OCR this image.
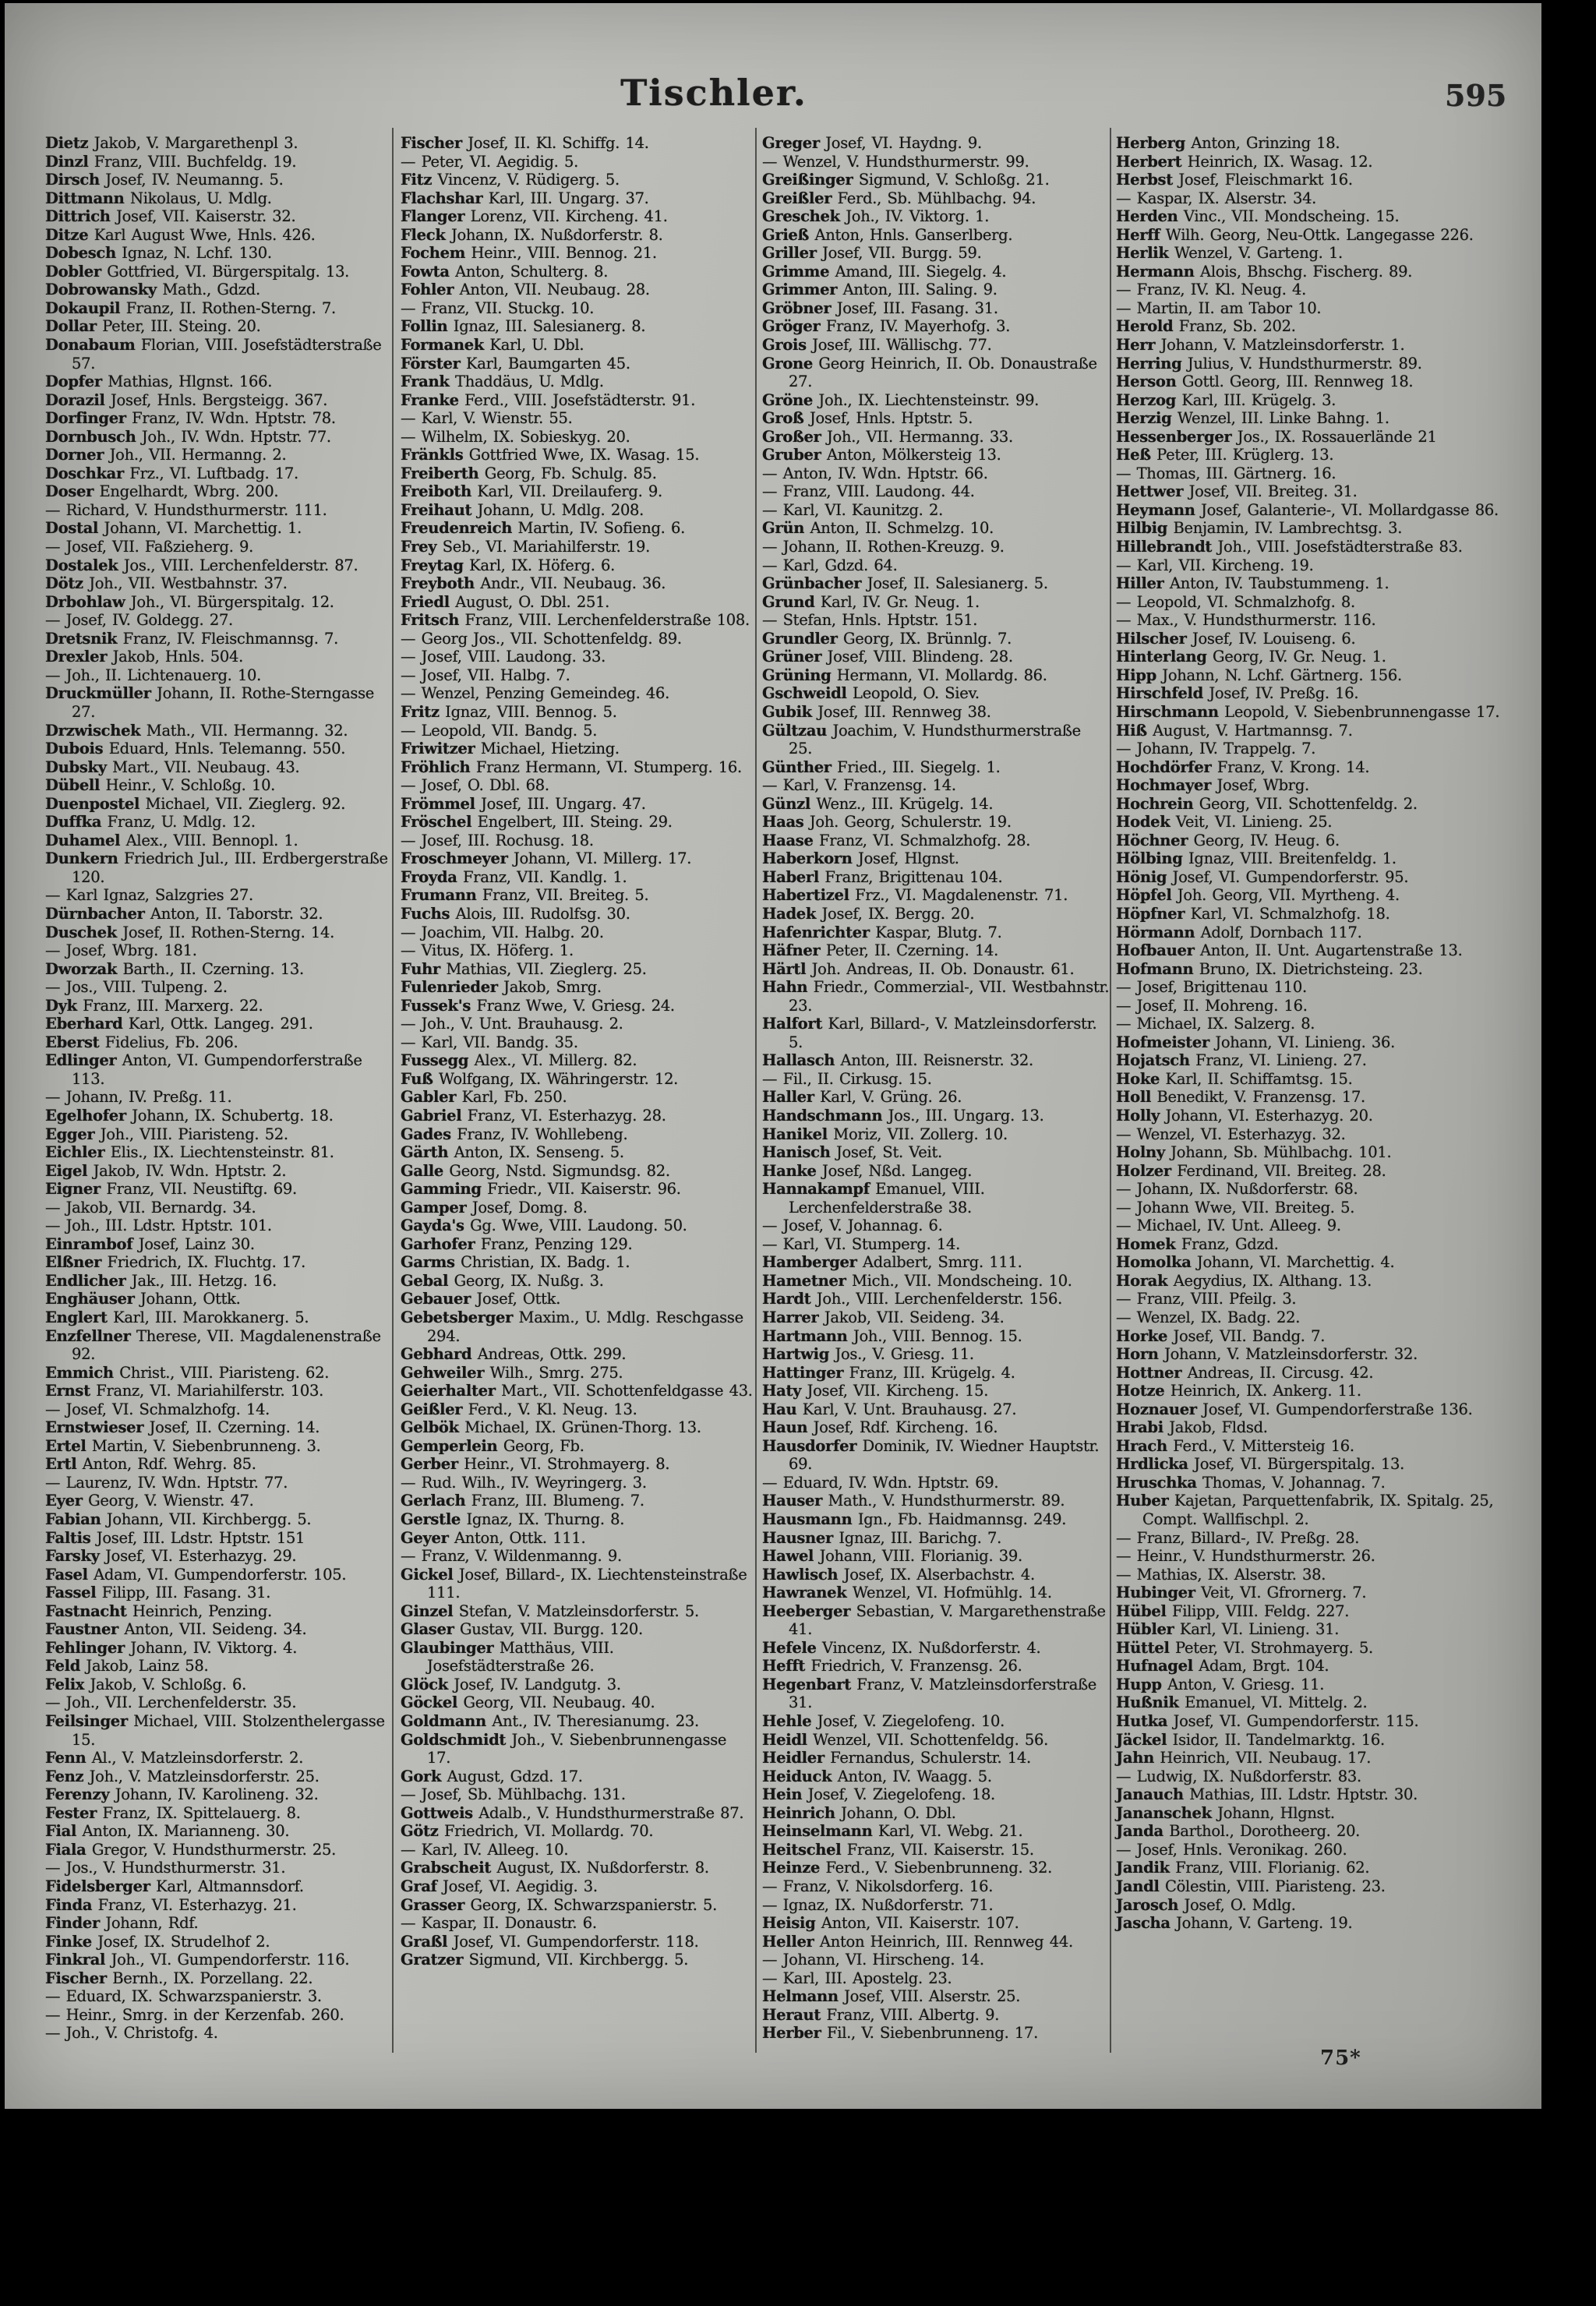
Tischler.	595
Dietz Jakob, V. Margarethenpl 3.
Dinzl Franz, VIII. Buchfeldg. 19.
Dirsch Josef, IV. Neumanng. 5.
Dittmann Nikolaus, U. Mdlg.
Dittrich Josef, VII. Kaiserstr. 32.
Ditze Karl August Wwe, Hnls. 426.
Dobesch Ignaz, N. Lchf. 130.
Dobler Gottfried, VI. Bürgerspitalg. 13.
Dobrowansky Math., Gdzd.
Dokaupil Franz, II. Rothen-Sterng. 7.
Dollar Peter, III. Steing. 20.
Donabaum Florian, VIII. Josefstädterstraße 57.
Dopfer Mathias, Hlgnst. 166.
Dorazil Josef, Hnls. Bergsteigg. 367.
Dorfinger Franz, IV. Wdn. Hptstr. 78.
Dornbusch Joh., IV. Wdn. Hptstr. 77.
Dorner Joh., VII. Hermanng. 2.
Doschkar Frz., VI. Luftbadg. 17.
Doser Engelhardt, Wbrg. 200.
— Richard, V. Hundsthurmerstr. 111.
Dostal Johann, VI. Marchettig. 1.
— Josef, VII. Faßzieherg. 9.
Dostalek Jos., VIII. Lerchenfelderstr. 87.
Dötz Joh., VII. Westbahnstr. 37.
Drbohlaw Joh., VI. Bürgerspitalg. 12.
— Josef, IV. Goldegg. 27.
Dretsnik Franz, IV. Fleischmannsg. 7.
Drexler Jakob, Hnls. 504.
— Joh., II. Lichtenauerg. 10.
Druckmüller Johann, II. Rothe-Sterngasse 27.
Drzwischek Math., VII. Hermanng. 32.
Dubois Eduard, Hnls. Telemanng. 550.
Dubsky Mart., VII. Neubaug. 43.
Dübell Heinr., V. Schloßg. 10.
Duenpostel Michael, VII. Zieglerg. 92.
Duffka Franz, U. Mdlg. 12.
Duhamel Alex., VIII. Bennopl. 1.
Dunkern Friedrich Jul., III. Erdbergerstraße 120.
— Karl Ignaz, Salzgries 27.
Dürnbacher Anton, II. Taborstr. 32.
Duschek Josef, II. Rothen-Sterng. 14.
— Josef, Wbrg. 181.
Dworzak Barth., II. Czerning. 13.
— Jos., VIII. Tulpeng. 2.
Dyk Franz, III. Marxerg. 22.
Eberhard Karl, Ottk. Langeg. 291.
Eberst Fidelius, Fb. 206.
Edlinger Anton, VI. Gumpendorferstraße 113.
— Johann, IV. Preßg. 11.
Egelhofer Johann, IX. Schubertg. 18.
Egger Joh., VIII. Piaristeng. 52.
Eichler Elis., IX. Liechtensteinstr. 81.
Eigel Jakob, IV. Wdn. Hptstr. 2.
Eigner Franz, VII. Neustiftg. 69.
— Jakob, VII. Bernardg. 34.
— Joh., III. Ldstr. Hptstr. 101.
Einrambof Josef, Lainz 30.
Elßner Friedrich, IX. Fluchtg. 17.
Endlicher Jak., III. Hetzg. 16.
Enghäuser Johann, Ottk.
Englert Karl, III. Marokkanerg. 5.
Enzfellner Therese, VII. Magdalenenstraße 92.
Emmich Christ., VIII. Piaristeng. 62.
Ernst Franz, VI. Mariahilferstr. 103.
— Josef, VI. Schmalzhofg. 14.
Ernstwieser Josef, II. Czerning. 14.
Ertel Martin, V. Siebenbrunneng. 3.
Ertl Anton, Rdf. Wehrg. 85.
— Laurenz, IV. Wdn. Hptstr. 77.
Eyer Georg, V. Wienstr. 47.
Fabian Johann, VII. Kirchbergg. 5.
Faltis Josef, III. Ldstr. Hptstr. 151
Farsky Josef, VI. Esterhazyg. 29.
Fasel Adam, VI. Gumpendorferstr. 105.
Fassel Filipp, III. Fasang. 31.
Fastnacht Heinrich, Penzing.
Faustner Anton, VII. Seideng. 34.
Fehlinger Johann, IV. Viktorg. 4.
Feld Jakob, Lainz 58.
Felix Jakob, V. Schloßg. 6.
— Joh., VII. Lerchenfelderstr. 35.
Feilsinger Michael, VIII. Stolzenthelergasse 15.
Fenn Al., V. Matzleinsdorferstr. 2.
Fenz Joh., V. Matzleinsdorferstr. 25.
Ferenzy Johann, IV. Karolineng. 32.
Fester Franz, IX. Spittelauerg. 8.
Fial Anton, IX. Marianneng. 30.
Fiala Gregor, V. Hundsthurmerstr. 25.
— Jos., V. Hundsthurmerstr. 31.
Fidelsberger Karl, Altmannsdorf.
Finda Franz, VI. Esterhazyg. 21.
Finder Johann, Rdf.
Finke Josef, IX. Strudelhof 2.
Finkral Joh., VI. Gumpendorferstr. 116.
Fischer Bernh., IX. Porzellang. 22.
— Eduard, IX. Schwarzspanierstr. 3.
— Heinr., Smrg. in der Kerzenfab. 260.
— Joh., V. Christofg. 4.
Fischer Josef, II. Kl. Schiffg. 14.
— Peter, VI. Aegidig. 5.
Fitz Vincenz, V. Rüdigerg. 5.
Flachshar Karl, III. Ungarg. 37.
Flanger Lorenz, VII. Kircheng. 41.
Fleck Johann, IX. Nußdorferstr. 8.
Fochem Heinr., VIII. Bennog. 21.
Fowta Anton, Schulterg. 8.
Fohler Anton, VII. Neubaug. 28.
— Franz, VII. Stuckg. 10.
Follin Ignaz, III. Salesianerg. 8.
Formanek Karl, U. Dbl.
Förster Karl, Baumgarten 45.
Frank Thaddäus, U. Mdlg.
Franke Ferd., VIII. Josefstädterstr. 91.
— Karl, V. Wienstr. 55.
— Wilhelm, IX. Sobieskyg. 20.
Fränkls Gottfried Wwe, IX. Wasag. 15.
Freiberth Georg, Fb. Schulg. 85.
Freiboth Karl, VII. Dreilauferg. 9.
Freihaut Johann, U. Mdlg. 208.
Freudenreich Martin, IV. Sofieng. 6.
Frey Seb., VI. Mariahilferstr. 19.
Freytag Karl, IX. Höferg. 6.
Freyboth Andr., VII. Neubaug. 36.
Friedl August, O. Dbl. 251.
Fritsch Franz, VIII. Lerchenfelderstraße 108.
— Georg Jos., VII. Schottenfeldg. 89.
— Josef, VIII. Laudong. 33.
— Josef, VII. Halbg. 7.
— Wenzel, Penzing Gemeindeg. 46.
Fritz Ignaz, VIII. Bennog. 5.
— Leopold, VII. Bandg. 5.
Friwitzer Michael, Hietzing.
Fröhlich Franz Hermann, VI. Stumperg. 16.
— Josef, O. Dbl. 68.
Frömmel Josef, III. Ungarg. 47.
Fröschel Engelbert, III. Steing. 29.
— Josef, III. Rochusg. 18.
Froschmeyer Johann, VI. Millerg. 17.
Froyda Franz, VII. Kandlg. 1.
Frumann Franz, VII. Breiteg. 5.
Fuchs Alois, III. Rudolfsg. 30.
— Joachim, VII. Halbg. 20.
— Vitus, IX. Höferg. 1.
Fuhr Mathias, VII. Zieglerg. 25.
Fulenrieder Jakob, Smrg.
Fussek's Franz Wwe, V. Griesg. 24.
— Joh., V. Unt. Brauhausg. 2.
— Karl, VII. Bandg. 35.
Fussegg Alex., VI. Millerg. 82.
Fuß Wolfgang, IX. Währingerstr. 12.
Gabler Karl, Fb. 250.
Gabriel Franz, VI. Esterhazyg. 28.
Gades Franz, IV. Wohllebeng.
Gärth Anton, IX. Senseng. 5.
Galle Georg, Nstd. Sigmundsg. 82.
Gamming Friedr., VII. Kaiserstr. 96.
Gamper Josef, Domg. 8.
Gayda's Gg. Wwe, VIII. Laudong. 50.
Garhofer Franz, Penzing 129.
Garms Christian, IX. Badg. 1.
Gebal Georg, IX. Nußg. 3.
Gebauer Josef, Ottk.
Gebetsberger Maxim., U. Mdlg. Reschgasse 294.
Gebhard Andreas, Ottk. 299.
Gehweiler Wilh., Smrg. 275.
Geierhalter Mart., VII. Schottenfeldgasse 43.
Geißler Ferd., V. Kl. Neug. 13.
Gelbök Michael, IX. Grünen-Thorg. 13.
Gemperlein Georg, Fb.
Gerber Heinr., VI. Strohmayerg. 8.
— Rud. Wilh., IV. Weyringerg. 3.
Gerlach Franz, III. Blumeng. 7.
Gerstle Ignaz, IX. Thurng. 8.
Geyer Anton, Ottk. 111.
— Franz, V. Wildenmanng. 9.
Gickel Josef, Billard-, IX. Liechtensteinstraße 111.
Ginzel Stefan, V. Matzleinsdorferstr. 5.
Glaser Gustav, VII. Burgg. 120.
Glaubinger Matthäus, VIII. Josefstädterstraße 26.
Glöck Josef, IV. Landgutg. 3.
Göckel Georg, VII. Neubaug. 40.
Goldmann Ant., IV. Theresianumg. 23.
Goldschmidt Joh., V. Siebenbrunnengasse 17.
Gork August, Gdzd. 17.
— Josef, Sb. Mühlbachg. 131.
Gottweis Adalb., V. Hundsthurmerstraße 87.
Götz Friedrich, VI. Mollardg. 70.
— Karl, IV. Alleeg. 10.
Grabscheit August, IX. Nußdorferstr. 8.
Graf Josef, VI. Aegidig. 3.
Grasser Georg, IX. Schwarzspanierstr. 5.
— Kaspar, II. Donaustr. 6.
Graßl Josef, VI. Gumpendorferstr. 118.
Gratzer Sigmund, VII. Kirchbergg. 5.
Greger Josef, VI. Haydng. 9.
— Wenzel, V. Hundsthurmerstr. 99.
Greißinger Sigmund, V. Schloßg. 21.
Greißler Ferd., Sb. Mühlbachg. 94.
Greschek Joh., IV. Viktorg. 1.
Grieß Anton, Hnls. Ganserlberg.
Griller Josef, VII. Burgg. 59.
Grimme Amand, III. Siegelg. 4.
Grimmer Anton, III. Saling. 9.
Gröbner Josef, III. Fasang. 31.
Gröger Franz, IV. Mayerhofg. 3.
Grois Josef, III. Wällischg. 77.
Grone Georg Heinrich, II. Ob. Donaustraße 27.
Gröne Joh., IX. Liechtensteinstr. 99.
Groß Josef, Hnls. Hptstr. 5.
Großer Joh., VII. Hermanng. 33.
Gruber Anton, Mölkersteig 13.
— Anton, IV. Wdn. Hptstr. 66.
— Franz, VIII. Laudong. 44.
— Karl, VI. Kaunitzg. 2.
Grün Anton, II. Schmelzg. 10.
— Johann, II. Rothen-Kreuzg. 9.
— Karl, Gdzd. 64.
Grünbacher Josef, II. Salesianerg. 5.
Grund Karl, IV. Gr. Neug. 1.
— Stefan, Hnls. Hptstr. 151.
Grundler Georg, IX. Brünnlg. 7.
Grüner Josef, VIII. Blindeng. 28.
Grüning Hermann, VI. Mollardg. 86.
Gschweidl Leopold, O. Siev.
Gubik Josef, III. Rennweg 38.
Gültzau Joachim, V. Hundsthurmerstraße 25.
Günther Fried., III. Siegelg. 1.
— Karl, V. Franzensg. 14.
Günzl Wenz., III. Krügelg. 14.
Haas Joh. Georg, Schulerstr. 19.
Haase Franz, VI. Schmalzhofg. 28.
Haberkorn Josef, Hlgnst.
Haberl Franz, Brigittenau 104.
Habertizel Frz., VI. Magdalenenstr. 71.
Hadek Josef, IX. Bergg. 20.
Hafenrichter Kaspar, Blutg. 7.
Häfner Peter, II. Czerning. 14.
Härtl Joh. Andreas, II. Ob. Donaustr. 61.
Hahn Friedr., Commerzial-, VII. Westbahnstr. 23.
Halfort Karl, Billard-, V. Matzleinsdorferstr. 5.
Hallasch Anton, III. Reisnerstr. 32.
— Fil., II. Cirkusg. 15.
Haller Karl, V. Grüng. 26.
Handschmann Jos., III. Ungarg. 13.
Hanikel Moriz, VII. Zollerg. 10.
Hanisch Josef, St. Veit.
Hanke Josef, Nßd. Langeg.
Hannakampf Emanuel, VIII. Lerchenfelderstraße 38.
— Josef, V. Johannag. 6.
— Karl, VI. Stumperg. 14.
Hamberger Adalbert, Smrg. 111.
Hametner Mich., VII. Mondscheing. 10.
Hardt Joh., VIII. Lerchenfelderstr. 156.
Harrer Jakob, VII. Seideng. 34.
Hartmann Joh., VIII. Bennog. 15.
Hartwig Jos., V. Griesg. 11.
Hattinger Franz, III. Krügelg. 4.
Haty Josef, VII. Kircheng. 15.
Hau Karl, V. Unt. Brauhausg. 27.
Haun Josef, Rdf. Kircheng. 16.
Hausdorfer Dominik, IV. Wiedner Hauptstr. 69.
— Eduard, IV. Wdn. Hptstr. 69.
Hauser Math., V. Hundsthurmerstr. 89.
Hausmann Ign., Fb. Haidmannsg. 249.
Hausner Ignaz, III. Barichg. 7.
Hawel Johann, VIII. Florianig. 39.
Hawlisch Josef, IX. Alserbachstr. 4.
Hawranek Wenzel, VI. Hofmühlg. 14.
Heeberger Sebastian, V. Margarethenstraße 41.
Hefele Vincenz, IX. Nußdorferstr. 4.
Hefft Friedrich, V. Franzensg. 26.
Hegenbart Franz, V. Matzleinsdorferstraße 31.
Hehle Josef, V. Ziegelofeng. 10.
Heidl Wenzel, VII. Schottenfeldg. 56.
Heidler Fernandus, Schulerstr. 14.
Heiduck Anton, IV. Waagg. 5.
Hein Josef, V. Ziegelofeng. 18.
Heinrich Johann, O. Dbl.
Heinselmann Karl, VI. Webg. 21.
Heitschel Franz, VII. Kaiserstr. 15.
Heinze Ferd., V. Siebenbrunneng. 32.
— Franz, V. Nikolsdorferg. 16.
— Ignaz, IX. Nußdorferstr. 71.
Heisig Anton, VII. Kaiserstr. 107.
Heller Anton Heinrich, III. Rennweg 44.
— Johann, VI. Hirscheng. 14.
— Karl, III. Apostelg. 23.
Helmann Josef, VIII. Alserstr. 25.
Heraut Franz, VIII. Albertg. 9.
Herber Fil., V. Siebenbrunneng. 17.
Herberg Anton, Grinzing 18.
Herbert Heinrich, IX. Wasag. 12.
Herbst Josef, Fleischmarkt 16.
— Kaspar, IX. Alserstr. 34.
Herden Vinc., VII. Mondscheing. 15.
Herff Wilh. Georg, Neu-Ottk. Langegasse 226.
Herlik Wenzel, V. Garteng. 1.
Hermann Alois, Bhschg. Fischerg. 89.
— Franz, IV. Kl. Neug. 4.
— Martin, II. am Tabor 10.
Herold Franz, Sb. 202.
Herr Johann, V. Matzleinsdorferstr. 1.
Herring Julius, V. Hundsthurmerstr. 89.
Herson Gottl. Georg, III. Rennweg 18.
Herzog Karl, III. Krügelg. 3.
Herzig Wenzel, III. Linke Bahng. 1.
Hessenberger Jos., IX. Rossauerlände 21
Heß Peter, III. Krüglerg. 13.
— Thomas, III. Gärtnerg. 16.
Hettwer Josef, VII. Breiteg. 31.
Heymann Josef, Galanterie-, VI. Mollardgasse 86.
Hilbig Benjamin, IV. Lambrechtsg. 3.
Hillebrandt Joh., VIII. Josefstädterstraße 83.
— Karl, VII. Kircheng. 19.
Hiller Anton, IV. Taubstummeng. 1.
— Leopold, VI. Schmalzhofg. 8.
— Max., V. Hundsthurmerstr. 116.
Hilscher Josef, IV. Louiseng. 6.
Hinterlang Georg, IV. Gr. Neug. 1.
Hipp Johann, N. Lchf. Gärtnerg. 156.
Hirschfeld Josef, IV. Preßg. 16.
Hirschmann Leopold, V. Siebenbrunnengasse 17.
Hiß August, V. Hartmannsg. 7.
— Johann, IV. Trappelg. 7.
Hochdörfer Franz, V. Krong. 14.
Hochmayer Josef, Wbrg.
Hochrein Georg, VII. Schottenfeldg. 2.
Hodek Veit, VI. Linieng. 25.
Höchner Georg, IV. Heug. 6.
Hölbing Ignaz, VIII. Breitenfeldg. 1.
Hönig Josef, VI. Gumpendorferstr. 95.
Höpfel Joh. Georg, VII. Myrtheng. 4.
Höpfner Karl, VI. Schmalzhofg. 18.
Hörmann Adolf, Dornbach 117.
Hofbauer Anton, II. Unt. Augartenstraße 13.
Hofmann Bruno, IX. Dietrichsteing. 23.
— Josef, Brigittenau 110.
— Josef, II. Mohreng. 16.
— Michael, IX. Salzerg. 8.
Hofmeister Johann, VI. Linieng. 36.
Hojatsch Franz, VI. Linieng. 27.
Hoke Karl, II. Schiffamtsg. 15.
Holl Benedikt, V. Franzensg. 17.
Holly Johann, VI. Esterhazyg. 20.
— Wenzel, VI. Esterhazyg. 32.
Holny Johann, Sb. Mühlbachg. 101.
Holzer Ferdinand, VII. Breiteg. 28.
— Johann, IX. Nußdorferstr. 68.
— Johann Wwe, VII. Breiteg. 5.
— Michael, IV. Unt. Alleeg. 9.
Homek Franz, Gdzd.
Homolka Johann, VI. Marchettig. 4.
Horak Aegydius, IX. Althang. 13.
— Franz, VIII. Pfeilg. 3.
— Wenzel, IX. Badg. 22.
Horke Josef, VII. Bandg. 7.
Horn Johann, V. Matzleinsdorferstr. 32.
Hottner Andreas, II. Circusg. 42.
Hotze Heinrich, IX. Ankerg. 11.
Hoznauer Josef, VI. Gumpendorferstraße 136.
Hrabi Jakob, Fldsd.
Hrach Ferd., V. Mittersteig 16.
Hrdlicka Josef, VI. Bürgerspitalg. 13.
Hruschka Thomas, V. Johannag. 7.
Huber Kajetan, Parquettenfabrik, IX. Spitalg. 25, Compt. Wallfischpl. 2.
— Franz, Billard-, IV. Preßg. 28.
— Heinr., V. Hundsthurmerstr. 26.
— Mathias, IX. Alserstr. 38.
Hubinger Veit, VI. Gfrornerg. 7.
Hübel Filipp, VIII. Feldg. 227.
Hübler Karl, VI. Linieng. 31.
Hüttel Peter, VI. Strohmayerg. 5.
Hufnagel Adam, Brgt. 104.
Hupp Anton, V. Griesg. 11.
Hußnik Emanuel, VI. Mittelg. 2.
Hutka Josef, VI. Gumpendorferstr. 115.
Jäckel Isidor, II. Tandelmarktg. 16.
Jahn Heinrich, VII. Neubaug. 17.
— Ludwig, IX. Nußdorferstr. 83.
Janauch Mathias, III. Ldstr. Hptstr. 30.
Jananschek Johann, Hlgnst.
Janda Barthol., Dorotheerg. 20.
— Josef, Hnls. Veronikag. 260.
Jandik Franz, VIII. Florianig. 62.
Jandl Cölestin, VIII. Piaristeng. 23.
Jarosch Josef, O. Mdlg.
Jascha Johann, V. Garteng. 19.
75*
